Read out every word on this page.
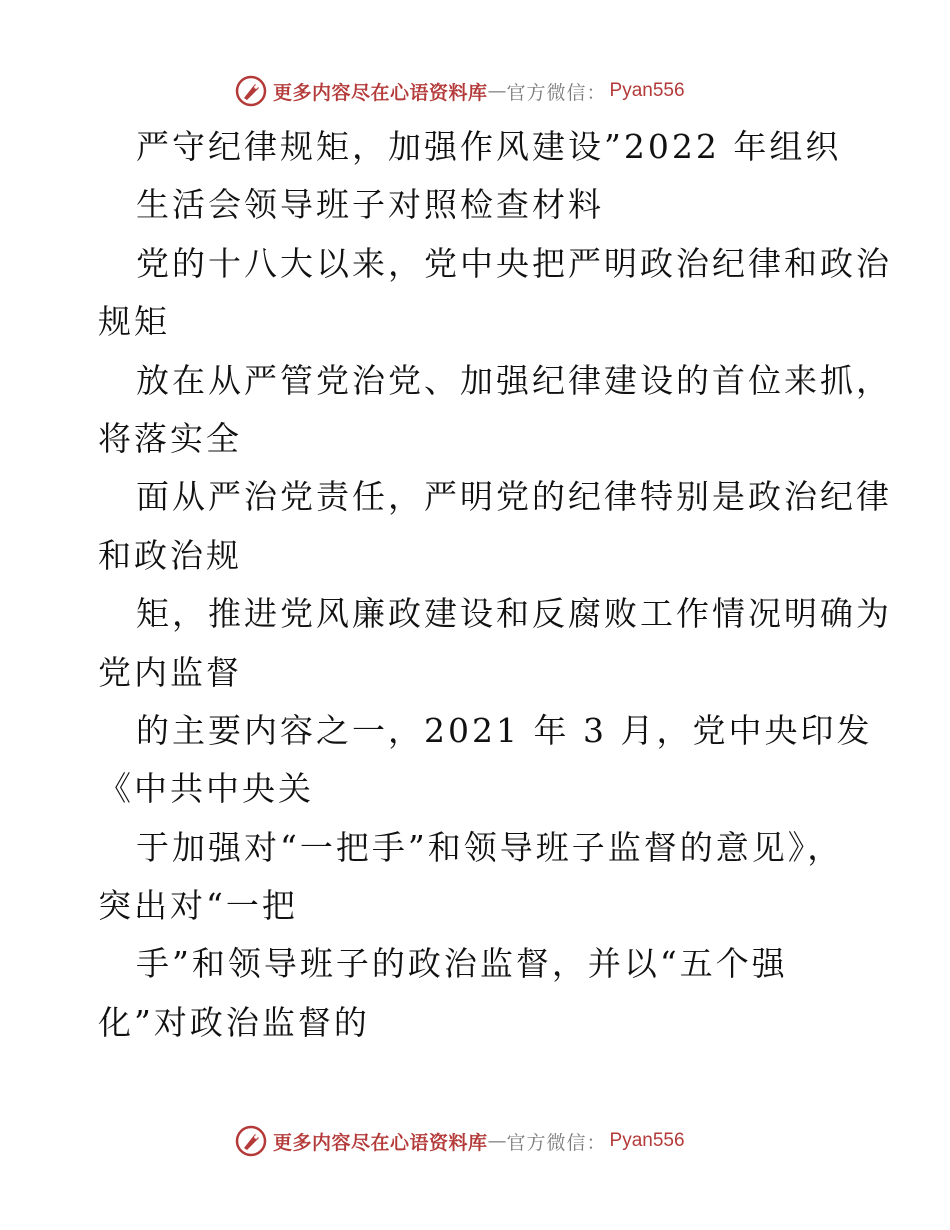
更多内容尽在心语资料库 — 官方微信 ： Pyan556
严守纪律规矩，加强作风建设”2022 年组织
生活会领导班子对照检查材料
党的十八大以来，党中央把严明政治纪律和政治
规矩
放在从严管党治党、加强纪律建设的首位来抓，
将落实全
面从严治党责任，严明党的纪律特别是政治纪律
和政治规
矩，推进党风廉政建设和反腐败工作情况明确为
党内监督
的主要内容之一，2021 年 3 月，党中央印发
《中共中央关
于加强对“一把手”和领导班子监督的意见》，
突出对“一把
手”和领导班子的政治监督，并以“五个强
化”对政治监督的
更多内容尽在心语资料库 — 官方微信 ： Pyan556
